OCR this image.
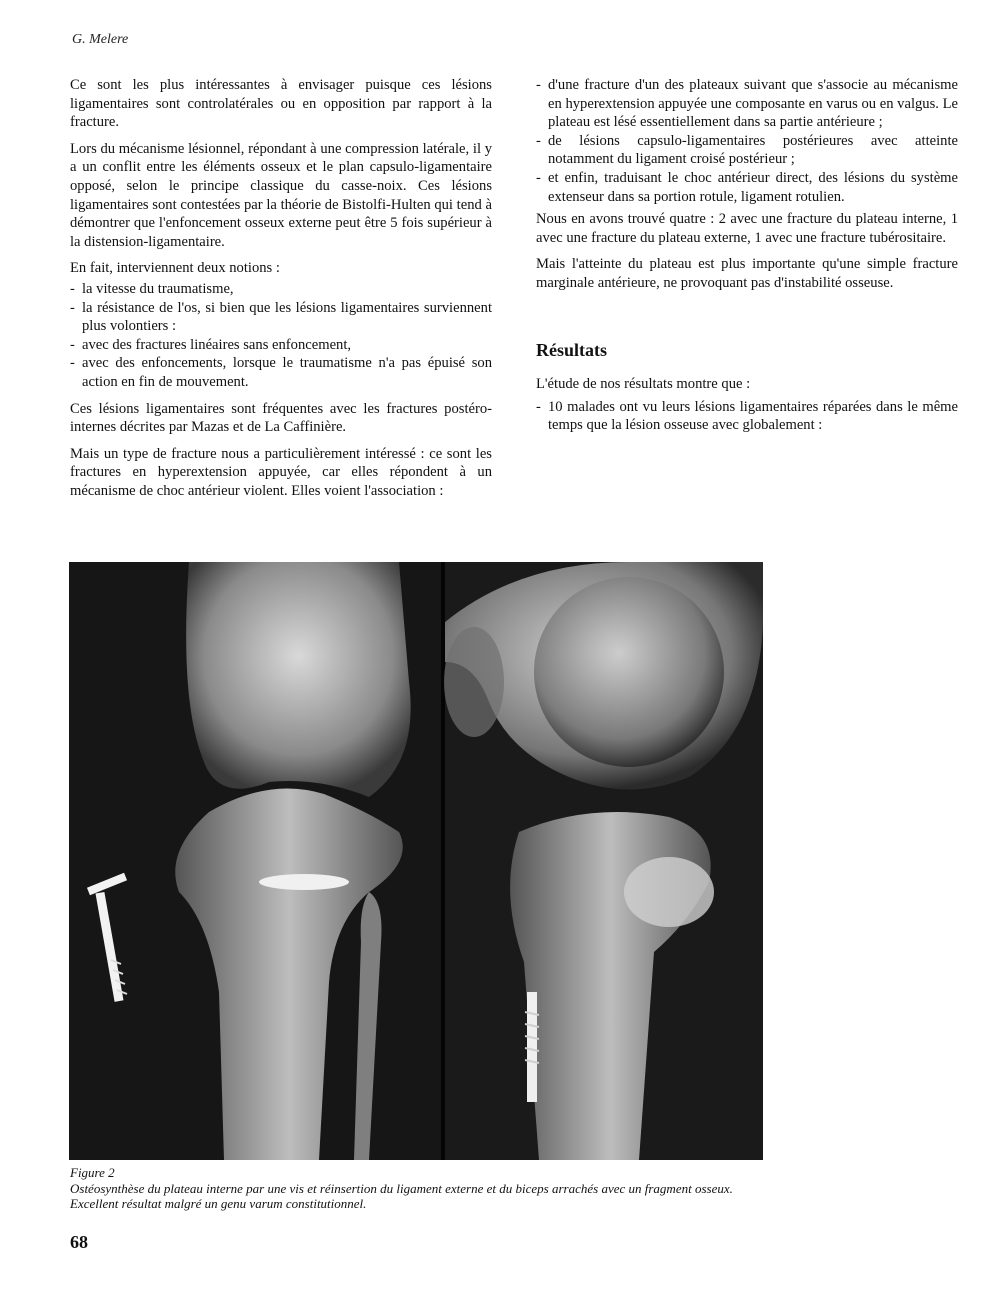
G. Melere

Ce sont les plus intéressantes à envisager puisque ces lésions ligamentaires sont controlatérales ou en opposition par rapport à la fracture.

Lors du mécanisme lésionnel, répondant à une compression latérale, il y a un conflit entre les éléments osseux et le plan capsulo-ligamentaire opposé, selon le principe classique du casse-noix. Ces lésions ligamentaires sont contestées par la théorie de Bistolfi-Hulten qui tend à démontrer que l'enfoncement osseux externe peut être 5 fois supérieur à la distension-ligamentaire.

En fait, interviennent deux notions :

- la vitesse du traumatisme,
- la résistance de l'os, si bien que les lésions ligamentaires surviennent plus volontiers :
- avec des fractures linéaires sans enfoncement,
- avec des enfoncements, lorsque le traumatisme n'a pas épuisé son action en fin de mouvement.

Ces lésions ligamentaires sont fréquentes avec les fractures postéro-internes décrites par Mazas et de La Caffinière.

Mais un type de fracture nous a particulièrement intéressé : ce sont les fractures en hyperextension appuyée, car elles répondent à un mécanisme de choc antérieur violent. Elles voient l'association :

- d'une fracture d'un des plateaux suivant que s'associe au mécanisme en hyperextension appuyée une composante en varus ou en valgus. Le plateau est lésé essentiellement dans sa partie antérieure ;
- de lésions capsulo-ligamentaires postérieures avec atteinte notamment du ligament croisé postérieur ;
- et enfin, traduisant le choc antérieur direct, des lésions du système extenseur dans sa portion rotule, ligament rotulien.

Nous en avons trouvé quatre : 2 avec une fracture du plateau interne, 1 avec une fracture du plateau externe, 1 avec une fracture tubérositaire.

Mais l'atteinte du plateau est plus importante qu'une simple fracture marginale antérieure, ne provoquant pas d'instabilité osseuse.

Résultats

L'étude de nos résultats montre que :

- 10 malades ont vu leurs lésions ligamentaires réparées dans le même temps que la lésion osseuse avec globalement :
Figure 2
Ostéosynthèse du plateau interne par une vis et réinsertion du ligament externe et du biceps arrachés avec un fragment osseux. Excellent résultat malgré un genu varum constitutionnel.
68
